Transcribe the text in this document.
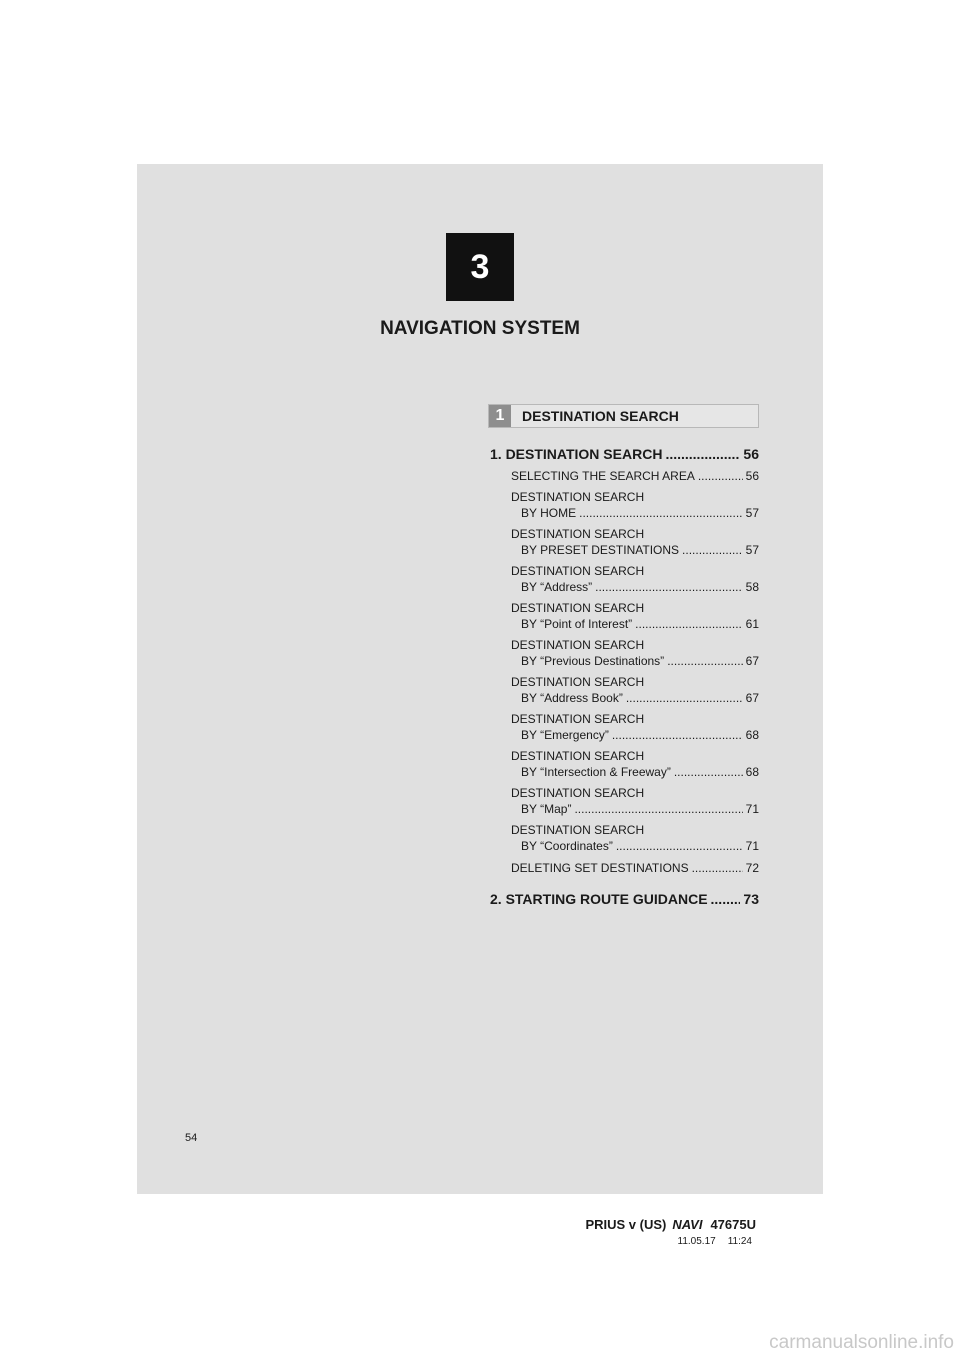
3
NAVIGATION SYSTEM
1	DESTINATION SEARCH
1. DESTINATION SEARCH .....	56
SELECTING THE SEARCH AREA .....	56
DESTINATION SEARCH
BY HOME .....	57
DESTINATION SEARCH
BY PRESET DESTINATIONS .....	57
DESTINATION SEARCH
BY “Address” .....	58
DESTINATION SEARCH
BY “Point of Interest” .....	61
DESTINATION SEARCH
BY “Previous Destinations” .....	67
DESTINATION SEARCH
BY “Address Book” .....	67
DESTINATION SEARCH
BY “Emergency” .....	68
DESTINATION SEARCH
BY “Intersection & Freeway” .....	68
DESTINATION SEARCH
BY “Map” .....	71
DESTINATION SEARCH
BY “Coordinates” .....	71
DELETING SET DESTINATIONS .....	72
2. STARTING ROUTE GUIDANCE .....	73
54
PRIUS v (US) NAVI 47675U
11.05.17 11:24
carmanualsonline.info
